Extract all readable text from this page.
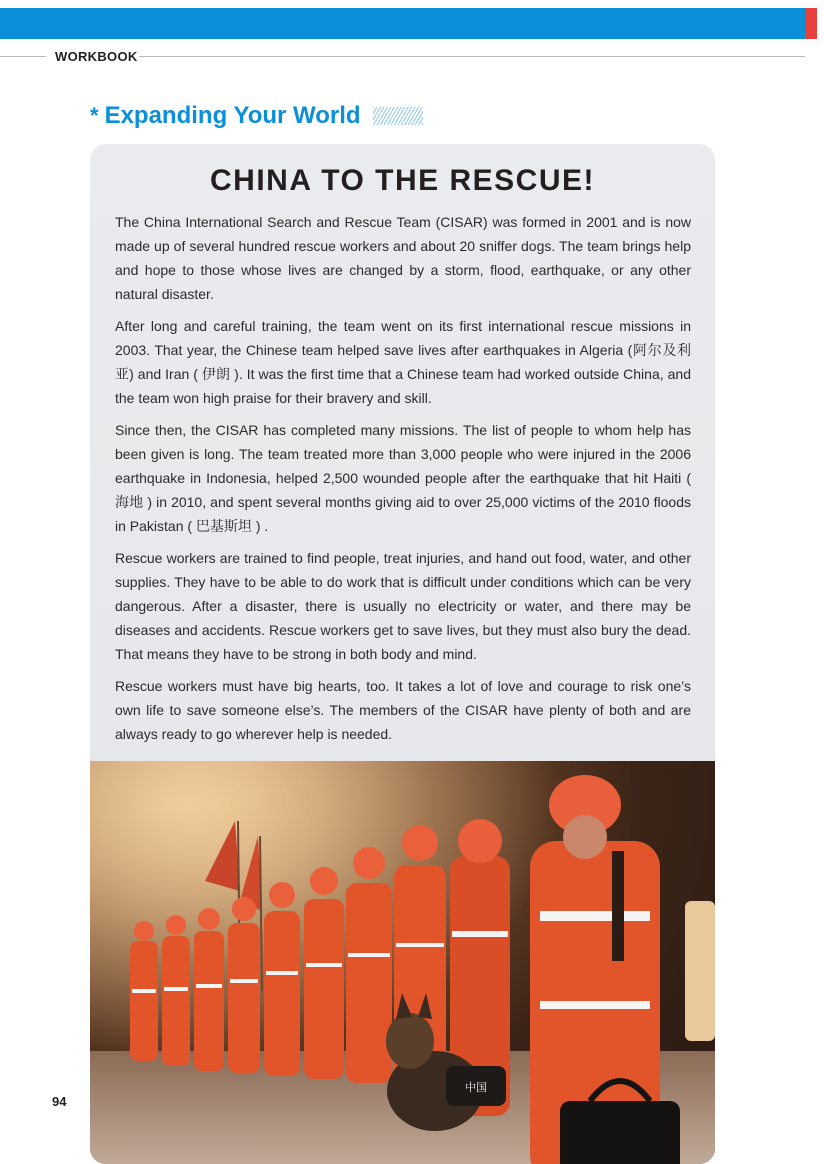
WORKBOOK
* Expanding Your World
CHINA TO THE RESCUE!

The China International Search and Rescue Team (CISAR) was formed in 2001 and is now made up of several hundred rescue workers and about 20 sniffer dogs. The team brings help and hope to those whose lives are changed by a storm, flood, earthquake, or any other natural disaster.

After long and careful training, the team went on its first international rescue missions in 2003. That year, the Chinese team helped save lives after earthquakes in Algeria (阿尔及利亚) and Iran ( 伊朗 ). It was the first time that a Chinese team had worked outside China, and the team won high praise for their bravery and skill.

Since then, the CISAR has completed many missions. The list of people to whom help has been given is long. The team treated more than 3,000 people who were injured in the 2006 earthquake in Indonesia, helped 2,500 wounded people after the earthquake that hit Haiti ( 海地 ) in 2010, and spent several months giving aid to over 25,000 victims of the 2010 floods in Pakistan ( 巴基斯坦 ) .

Rescue workers are trained to find people, treat injuries, and hand out food, water, and other supplies. They have to be able to do work that is difficult under conditions which can be very dangerous. After a disaster, there is usually no electricity or water, and there may be diseases and accidents. Rescue workers get to save lives, but they must also bury the dead. That means they have to be strong in both body and mind.

Rescue workers must have big hearts, too. It takes a lot of love and courage to risk one’s own life to save someone else’s. The members of the CISAR have plenty of both and are always ready to go wherever help is needed.

中国
94
